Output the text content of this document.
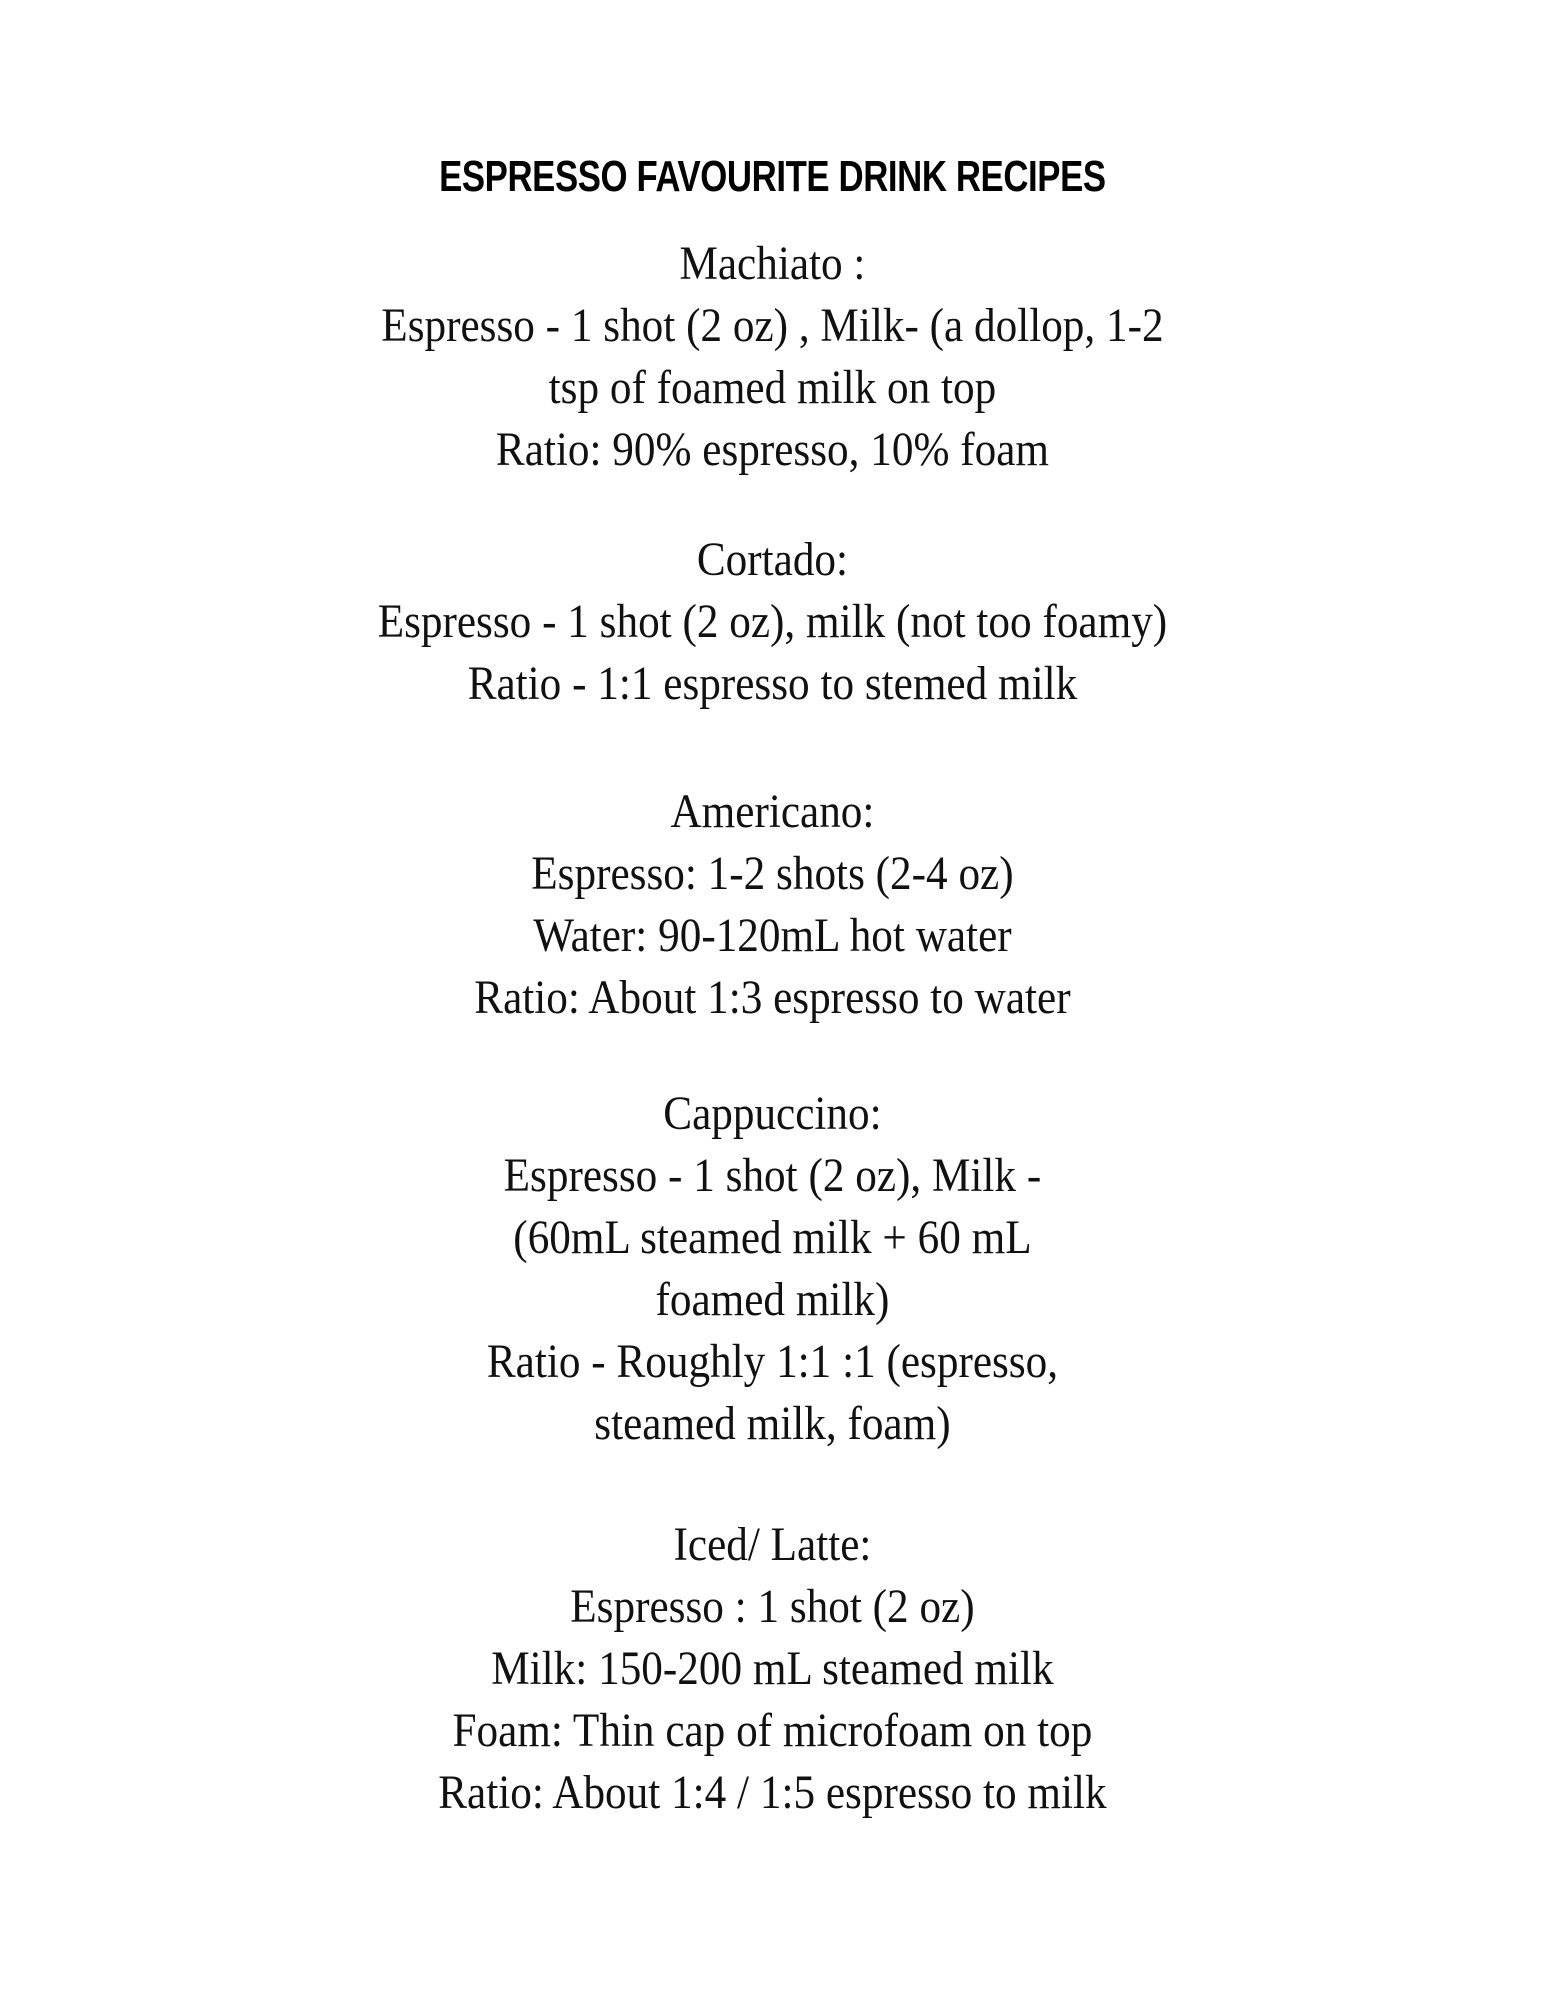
ESPRESSO FAVOURITE DRINK RECIPES
Machiato :
Espresso - 1 shot (2 oz) , Milk- (a dollop, 1-2
tsp of foamed milk on top
Ratio: 90% espresso, 10% foam
Cortado:
Espresso - 1 shot (2 oz), milk (not too foamy)
Ratio - 1:1 espresso to stemed milk
Americano:
Espresso: 1-2 shots (2-4 oz)
Water: 90-120mL hot water
Ratio: About 1:3 espresso to water
Cappuccino:
Espresso - 1 shot (2 oz), Milk -
(60mL steamed milk + 60 mL
foamed milk)
Ratio - Roughly 1:1 :1 (espresso,
steamed milk, foam)
Iced/ Latte:
Espresso : 1 shot (2 oz)
Milk: 150-200 mL steamed milk
Foam: Thin cap of microfoam on top
Ratio: About 1:4 / 1:5 espresso to milk
